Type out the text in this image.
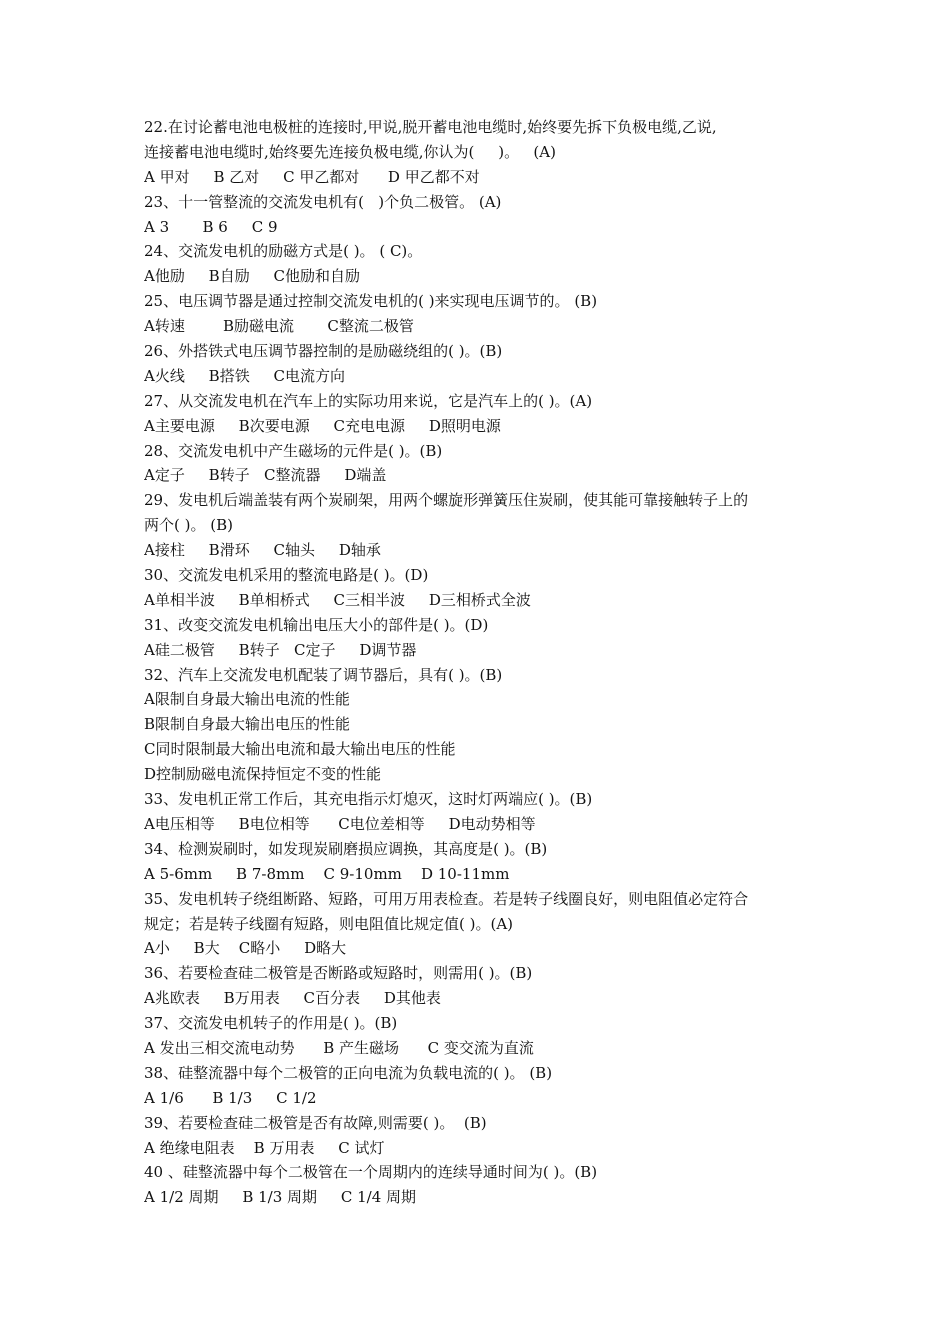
22.在讨论蓄电池电极桩的连接时,甲说,脱开蓄电池电缆时,始终要先拆下负极电缆,乙说,
连接蓄电池电缆时,始终要先连接负极电缆,你认为(     )。   (A)
A 甲对     B 乙对     C 甲乙都对      D 甲乙都不对
23、十一管整流的交流发电机有(   )个负二极管。 (A)
A 3       B 6     C 9
24、交流发电机的励磁方式是( )。 ( C)。
A他励     B自励     C他励和自励
25、电压调节器是通过控制交流发电机的( )来实现电压调节的。 (B)
A转速        B励磁电流       C整流二极管
26、外搭铁式电压调节器控制的是励磁绕组的( )。(B)
A火线     B搭铁     C电流方向
27、从交流发电机在汽车上的实际功用来说，它是汽车上的( )。(A)
A主要电源     B次要电源     C充电电源     D照明电源
28、交流发电机中产生磁场的元件是( )。(B)
A定子     B转子   C整流器     D端盖
29、发电机后端盖装有两个炭刷架，用两个螺旋形弹簧压住炭刷，使其能可靠接触转子上的
两个( )。 (B)
A接柱     B滑环     C轴头     D轴承
30、交流发电机采用的整流电路是( )。(D)
A单相半波     B单相桥式     C三相半波     D三相桥式全波
31、改变交流发电机输出电压大小的部件是( )。(D)
A硅二极管     B转子   C定子     D调节器
32、汽车上交流发电机配装了调节器后，具有( )。(B)
A限制自身最大输出电流的性能
B限制自身最大输出电压的性能
C同时限制最大输出电流和最大输出电压的性能
D控制励磁电流保持恒定不变的性能
33、发电机正常工作后，其充电指示灯熄灭，这时灯两端应( )。(B)
A电压相等     B电位相等      C电位差相等     D电动势相等
34、检测炭刷时，如发现炭刷磨损应调换，其高度是( )。(B)
A 5-6mm     B 7-8mm    C 9-10mm    D 10-11mm
35、发电机转子绕组断路、短路，可用万用表检查。若是转子线圈良好，则电阻值必定符合
规定；若是转子线圈有短路，则电阻值比规定值( )。(A)
A小     B大    C略小     D略大
36、若要检查硅二极管是否断路或短路时，则需用( )。(B)
A兆欧表     B万用表     C百分表     D其他表
37、交流发电机转子的作用是( )。(B)
A 发出三相交流电动势      B 产生磁场      C 变交流为直流
38、硅整流器中每个二极管的正向电流为负载电流的( )。 (B)
A 1/6      B 1/3     C 1/2
39、若要检查硅二极管是否有故障,则需要( )。  (B)
A 绝缘电阻表    B 万用表     C 试灯
40 、硅整流器中每个二极管在一个周期内的连续导通时间为( )。(B)
A 1/2 周期     B 1/3 周期     C 1/4 周期
